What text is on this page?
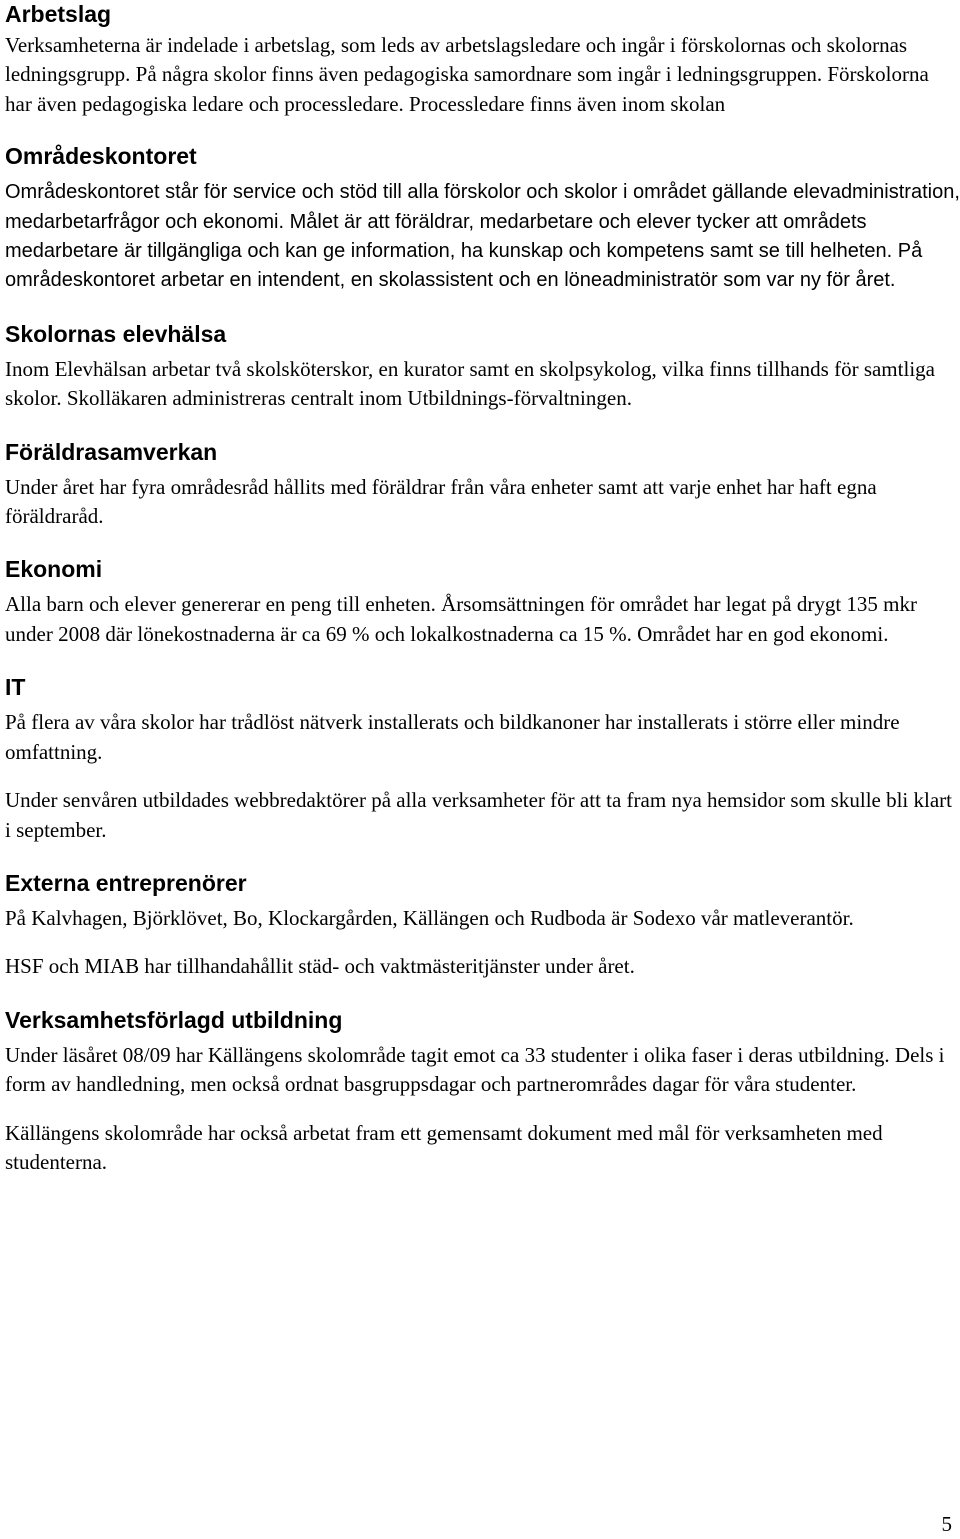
Arbetslag

Verksamheterna är indelade i arbetslag, som leds av arbetslagsledare och ingår i förskolornas och skolornas ledningsgrupp. På några skolor finns även pedagogiska samordnare som ingår i ledningsgruppen. Förskolorna har även pedagogiska ledare och processledare. Processledare finns även inom skolan

Områdeskontoret

Områdeskontoret står för service och stöd till alla förskolor och skolor i området gällande elevadministration, medarbetarfrågor och ekonomi. Målet är att föräldrar, medarbetare och elever tycker att områdets medarbetare är tillgängliga och kan ge information, ha kunskap och kompetens samt se till helheten. På områdeskontoret arbetar en intendent, en skolassistent och en löneadministratör som var ny för året.

Skolornas elevhälsa

Inom Elevhälsan arbetar två skolsköterskor, en kurator samt en skolpsykolog, vilka finns tillhands för samtliga skolor. Skolläkaren administreras centralt inom Utbildnings-förvaltningen.

Föräldrasamverkan

Under året har fyra områdesråd hållits med föräldrar från våra enheter samt att varje enhet har haft egna föräldraråd.

Ekonomi

Alla barn och elever genererar en peng till enheten. Årsomsättningen för området har legat på drygt 135 mkr under 2008 där lönekostnaderna är ca 69 % och lokalkostnaderna ca 15 %. Området har en god ekonomi.

IT

På flera av våra skolor har trådlöst nätverk installerats och bildkanoner har installerats i större eller mindre omfattning.

Under senvåren utbildades webbredaktörer på alla verksamheter för att ta fram nya hemsidor som skulle bli klart i september.

Externa entreprenörer

På Kalvhagen, Björklövet, Bo, Klockargården, Källängen och Rudboda är Sodexo vår matleverantör.

HSF och MIAB har tillhandahållit städ- och vaktmästeritjänster under året.

Verksamhetsförlagd utbildning

Under läsåret 08/09 har Källängens skolområde tagit emot ca 33 studenter i olika faser i deras utbildning. Dels i form av handledning, men också ordnat basgruppsdagar och partnerområdes dagar för våra studenter.

Källängens skolområde har också arbetat fram ett gemensamt dokument med mål för verksamheten med studenterna.

5
